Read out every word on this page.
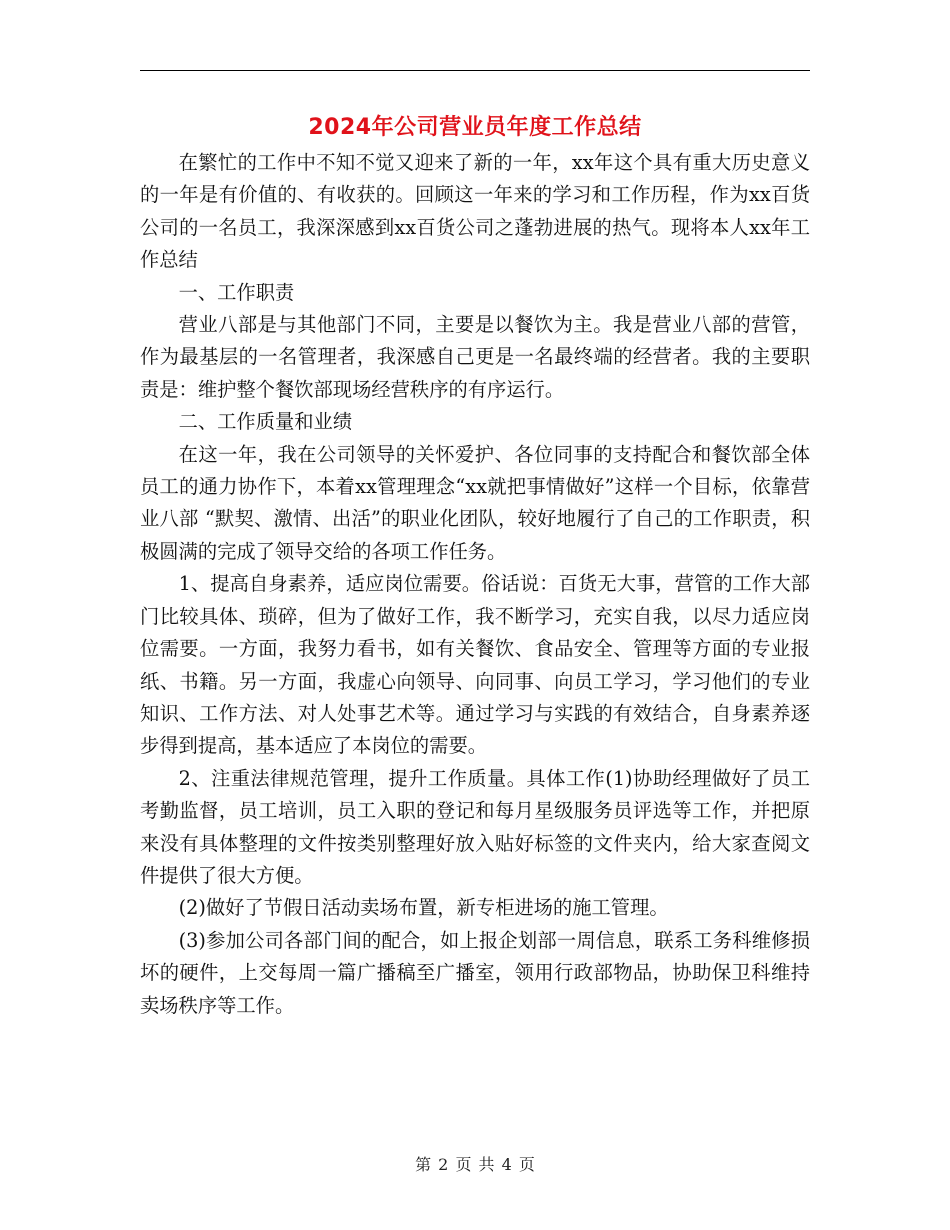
2024年公司营业员年度工作总结

在繁忙的工作中不知不觉又迎来了新的一年，xx年这个具有重大历史意义的一年是有价值的、有收获的。回顾这一年来的学习和工作历程，作为xx百货公司的一名员工，我深深感到xx百货公司之蓬勃进展的热气。现将本人xx年工作总结

一、工作职责

营业八部是与其他部门不同，主要是以餐饮为主。我是营业八部的营管，作为最基层的一名管理者，我深感自己更是一名最终端的经营者。我的主要职责是：维护整个餐饮部现场经营秩序的有序运行。

二、工作质量和业绩

在这一年，我在公司领导的关怀爱护、各位同事的支持配合和餐饮部全体员工的通力协作下，本着xx管理理念“xx就把事情做好”这样一个目标，依靠营业八部 “默契、激情、出活”的职业化团队，较好地履行了自己的工作职责，积极圆满的完成了领导交给的各项工作任务。

1、提高自身素养，适应岗位需要。俗话说：百货无大事，营管的工作大部门比较具体、琐碎，但为了做好工作，我不断学习，充实自我，以尽力适应岗位需要。一方面，我努力看书，如有关餐饮、食品安全、管理等方面的专业报纸、书籍。另一方面，我虚心向领导、向同事、向员工学习，学习他们的专业知识、工作方法、对人处事艺术等。通过学习与实践的有效结合，自身素养逐步得到提高，基本适应了本岗位的需要。

2、注重法律规范管理，提升工作质量。具体工作(1)协助经理做好了员工考勤监督，员工培训，员工入职的登记和每月星级服务员评选等工作，并把原来没有具体整理的文件按类别整理好放入贴好标签的文件夹内，给大家查阅文件提供了很大方便。

(2)做好了节假日活动卖场布置，新专柜进场的施工管理。

(3)参加公司各部门间的配合，如上报企划部一周信息，联系工务科维修损坏的硬件，上交每周一篇广播稿至广播室，领用行政部物品，协助保卫科维持卖场秩序等工作。

第 2 页 共 4 页
